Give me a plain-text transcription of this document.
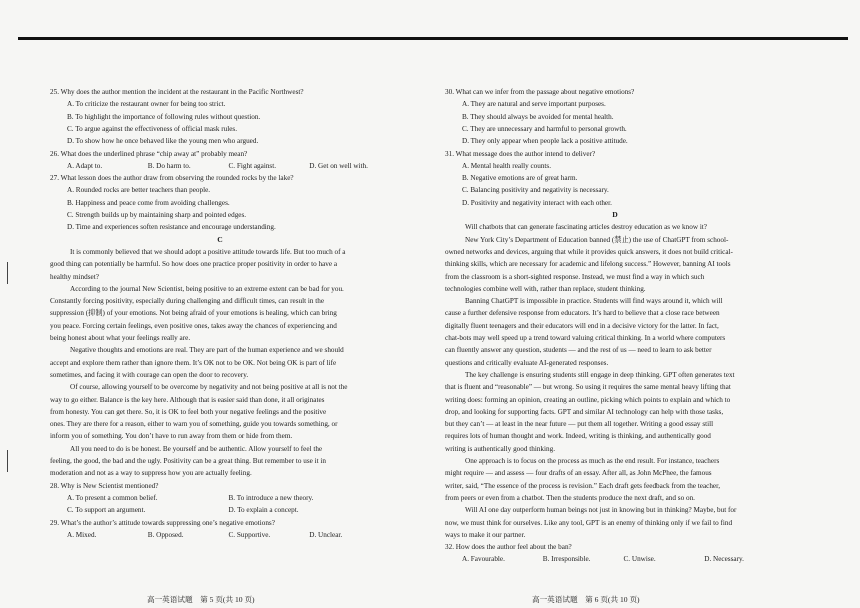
25. Why does the author mention the incident at the restaurant in the Pacific Northwest?
A. To criticize the restaurant owner for being too strict.
B. To highlight the importance of following rules without question.
C. To argue against the effectiveness of official mask rules.
D. To show how he once behaved like the young men who argued.
26. What does the underlined phrase “chip away at” probably mean?
A. Adapt to.	B. Do harm to.	C. Fight against.	D. Get on well with.
27. What lesson does the author draw from observing the rounded rocks by the lake?
A. Rounded rocks are better teachers than people.
B. Happiness and peace come from avoiding challenges.
C. Strength builds up by maintaining sharp and pointed edges.
D. Time and experiences soften resistance and encourage understanding.
C
It is commonly believed that we should adopt a positive attitude towards life. But too much of a
good thing can potentially be harmful. So how does one practice proper positivity in order to have a
healthy mindset?
According to the journal New Scientist, being positive to an extreme extent can be bad for you.
Constantly forcing positivity, especially during challenging and difficult times, can result in the
suppression (抑制) of your emotions. Not being afraid of your emotions is healing, which can bring
you peace. Forcing certain feelings, even positive ones, takes away the chances of experiencing and
being honest about what your feelings really are.
Negative thoughts and emotions are real. They are part of the human experience and we should
accept and explore them rather than ignore them. It’s OK not to be OK. Not being OK is part of life
sometimes, and facing it with courage can open the door to recovery.
Of course, allowing yourself to be overcome by negativity and not being positive at all is not the
way to go either. Balance is the key here. Although that is easier said than done, it all originates
from honesty. You can get there. So, it is OK to feel both your negative feelings and the positive
ones. They are there for a reason, either to warn you of something, guide you towards something, or
inform you of something. You don’t have to run away from them or hide from them.
All you need to do is be honest. Be yourself and be authentic. Allow yourself to feel the
feeling, the good, the bad and the ugly. Positivity can be a great thing. But remember to use it in
moderation and not as a way to suppress how you are actually feeling.
28. Why is New Scientist mentioned?
A. To present a common belief.	B. To introduce a new theory.
C. To support an argument.	D. To explain a concept.
29. What’s the author’s attitude towards suppressing one’s negative emotions?
A. Mixed.	B. Opposed.	C. Supportive.	D. Unclear.
高一英语试题　第 5 页(共 10 页)
30. What can we infer from the passage about negative emotions?
A. They are natural and serve important purposes.
B. They should always be avoided for mental health.
C. They are unnecessary and harmful to personal growth.
D. They only appear when people lack a positive attitude.
31. What message does the author intend to deliver?
A. Mental health really counts.
B. Negative emotions are of great harm.
C. Balancing positivity and negativity is necessary.
D. Positivity and negativity interact with each other.
D
Will chatbots that can generate fascinating articles destroy education as we know it?
New York City’s Department of Education banned (禁止) the use of ChatGPT from school-
owned networks and devices, arguing that while it provides quick answers, it does not build critical-
thinking skills, which are necessary for academic and lifelong success.” However, banning AI tools
from the classroom is a short-sighted response. Instead, we must find a way in which such
technologies combine well with, rather than replace, student thinking.
Banning ChatGPT is impossible in practice. Students will find ways around it, which will
cause a further defensive response from educators. It’s hard to believe that a close race between
digitally fluent teenagers and their educators will end in a decisive victory for the latter. In fact,
chat-bots may well speed up a trend toward valuing critical thinking. In a world where computers
can fluently answer any question, students — and the rest of us — need to learn to ask better
questions and critically evaluate AI-generated responses.
The key challenge is ensuring students still engage in deep thinking. GPT often generates text
that is fluent and “reasonable” — but wrong. So using it requires the same mental heavy lifting that
writing does: forming an opinion, creating an outline, picking which points to explain and which to
drop, and looking for supporting facts. GPT and similar AI technology can help with those tasks,
but they can’t — at least in the near future — put them all together. Writing a good essay still
requires lots of human thought and work. Indeed, writing is thinking, and authentically good
writing is authentically good thinking.
One approach is to focus on the process as much as the end result. For instance, teachers
might require — and assess — four drafts of an essay. After all, as John McPhee, the famous
writer, said, “The essence of the process is revision.” Each draft gets feedback from the teacher,
from peers or even from a chatbot. Then the students produce the next draft, and so on.
Will AI one day outperform human beings not just in knowing but in thinking? Maybe, but for
now, we must think for ourselves. Like any tool, GPT is an enemy of thinking only if we fail to find
ways to make it our partner.
32. How does the author feel about the ban?
A. Favourable.	B. Irresponsible.	C. Unwise.	D. Necessary.
高一英语试题　第 6 页(共 10 页)
